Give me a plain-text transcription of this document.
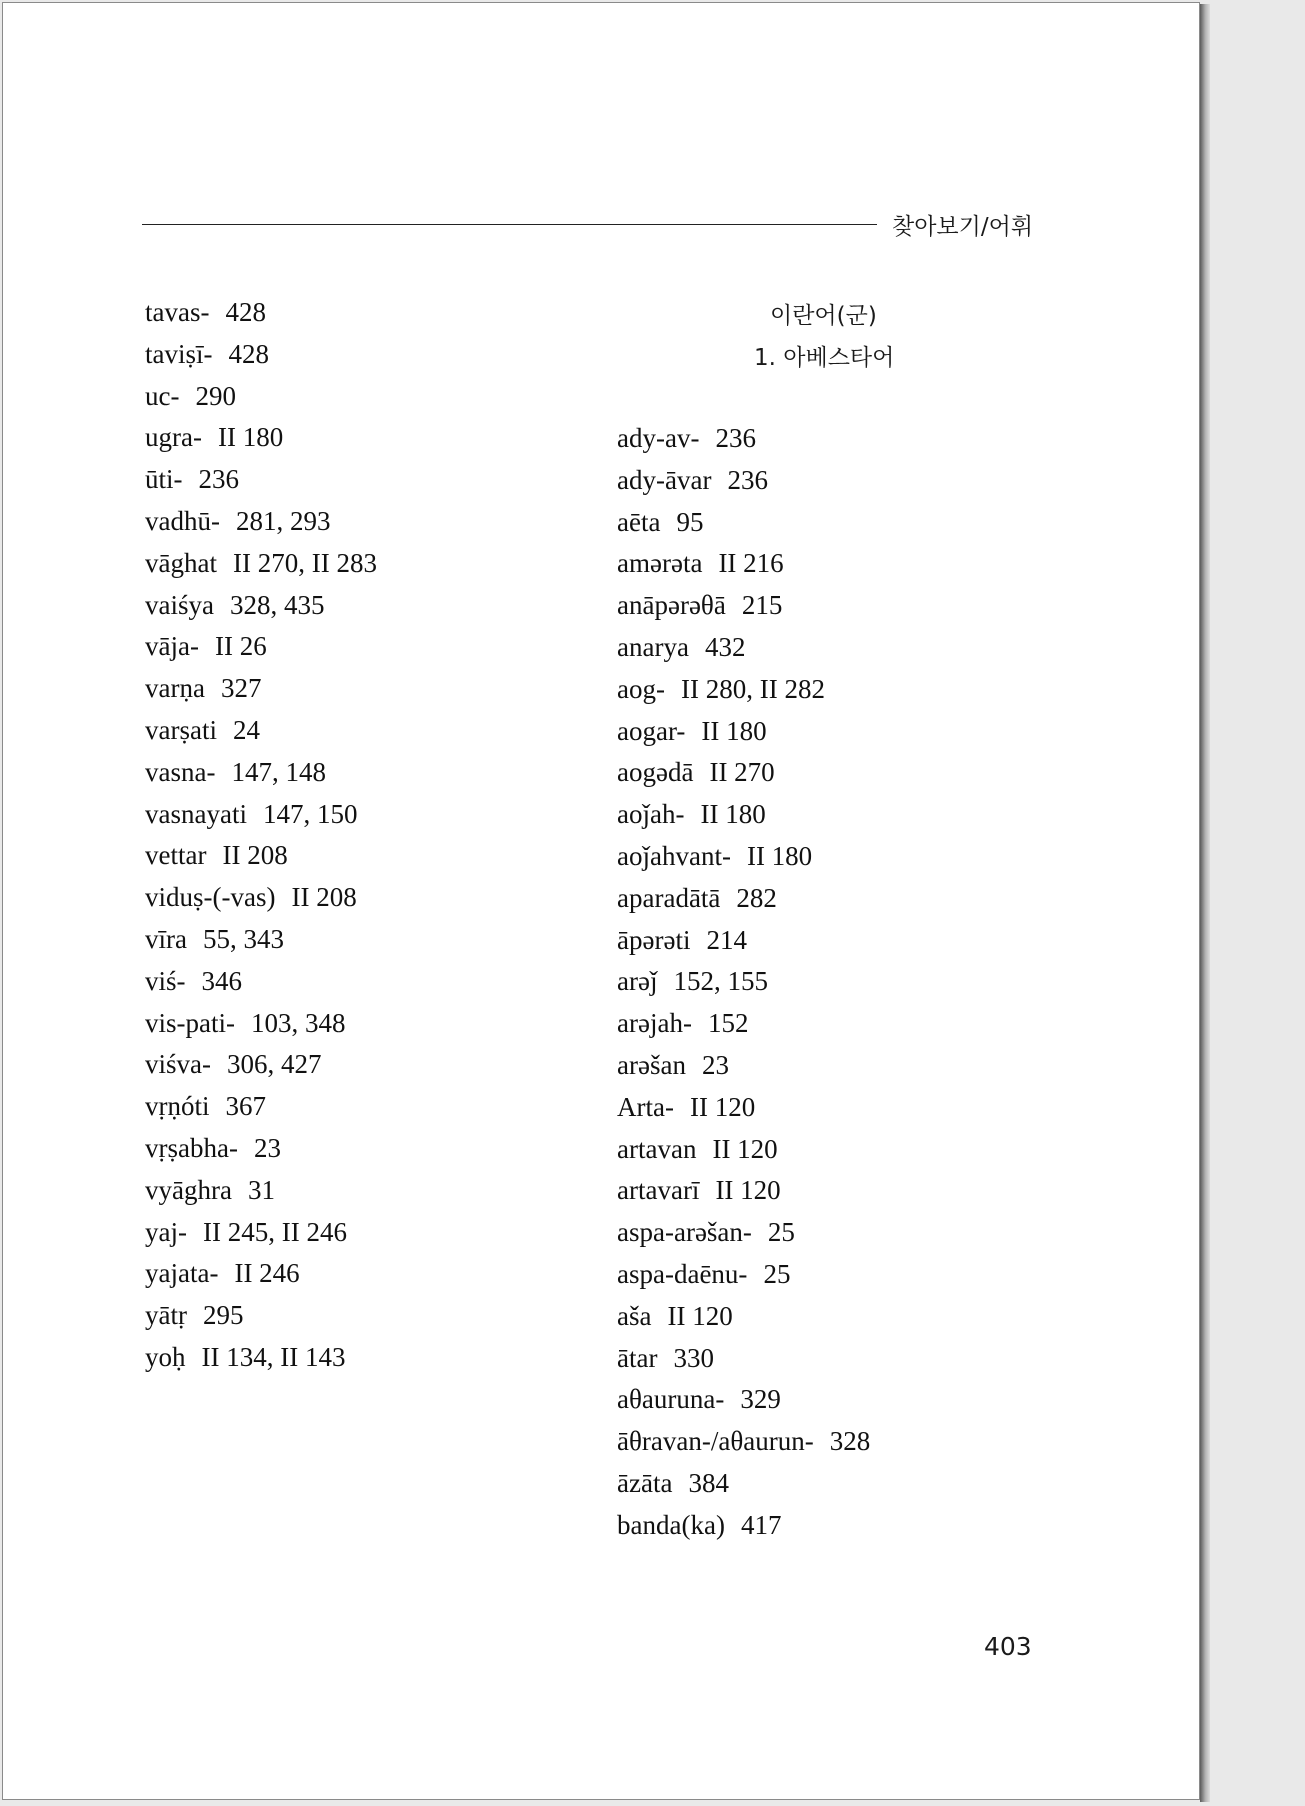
찾아보기/어휘
tavas- 428
taviṣī- 428
uc- 290
ugra- II 180
ūti- 236
vadhū- 281, 293
vāghat II 270, II 283
vaiśya 328, 435
vāja- II 26
varṇa 327
varṣati 24
vasna- 147, 148
vasnayati 147, 150
vettar II 208
viduṣ-(-vas) II 208
vīra 55, 343
viś- 346
vis-pati- 103, 348
viśva- 306, 427
vṛṇóti 367
vṛṣabha- 23
vyāghra 31
yaj- II 245, II 246
yajata- II 246
yātṛ 295
yoḥ II 134, II 143
이란어(군)
1. 아베스타어
ady-av- 236
ady-āvar 236
aēta 95
amərəta II 216
anāpərəθā 215
anarya 432
aog- II 280, II 282
aogar- II 180
aogədā II 270
aoǰah- II 180
aoǰahvant- II 180
aparadātā 282
āpərəti 214
arəǰ 152, 155
arəjah- 152
arəšan 23
Arta- II 120
artavan II 120
artavarī II 120
aspa-arəšan- 25
aspa-daēnu- 25
aša II 120
ātar 330
aθauruna- 329
āθravan-/aθaurun- 328
āzāta 384
banda(ka) 417
403
